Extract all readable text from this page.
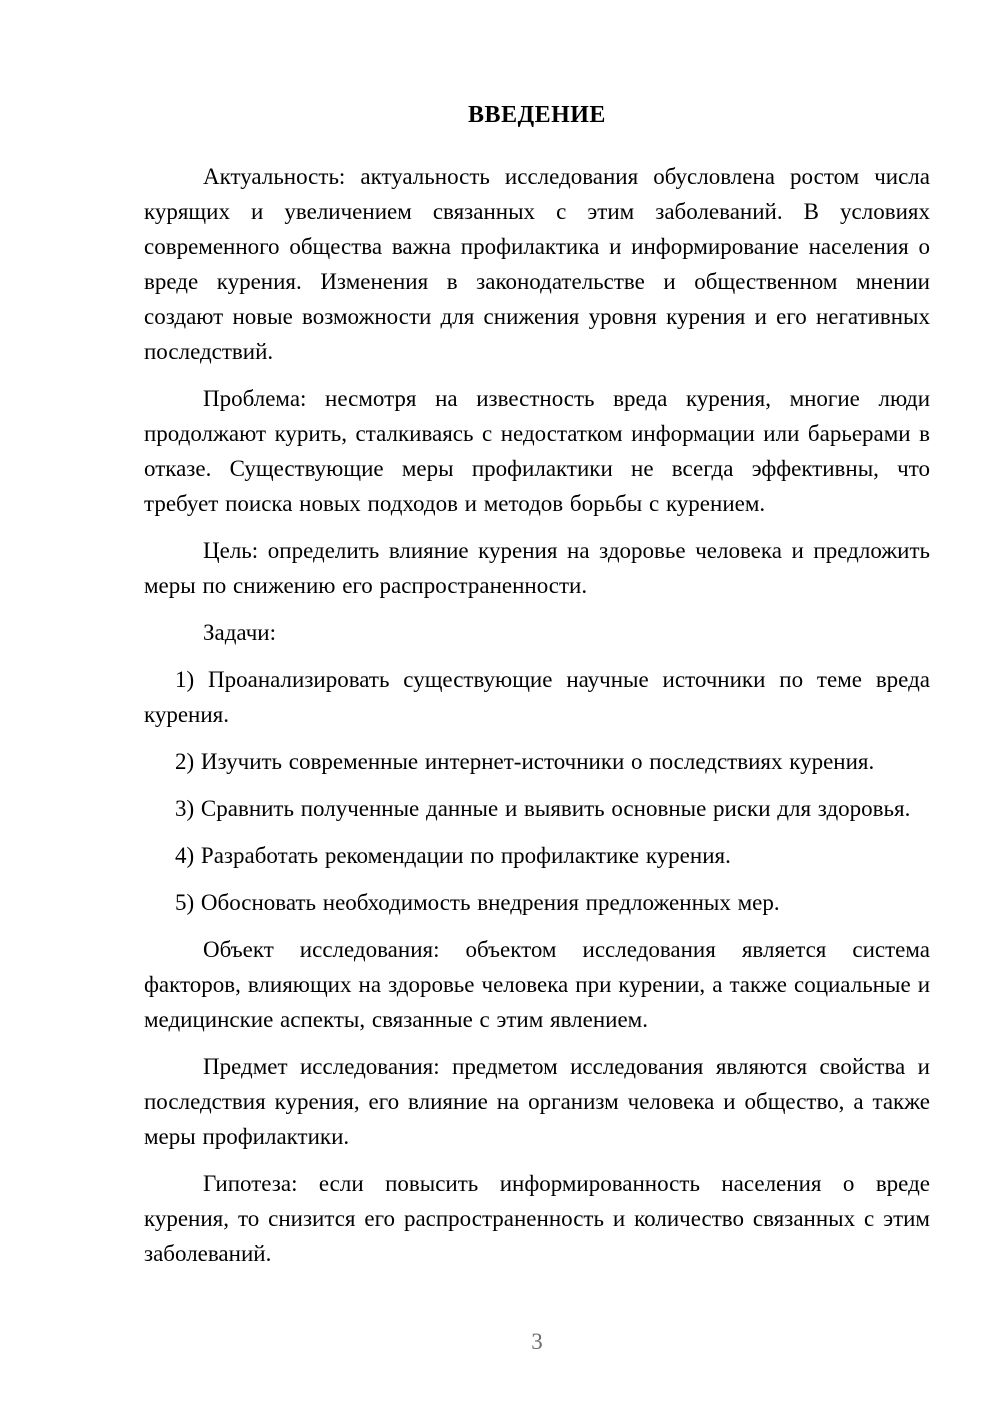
ВВЕДЕНИЕ

Актуальность: актуальность исследования обусловлена ростом числа курящих и увеличением связанных с этим заболеваний. В условиях современного общества важна профилактика и информирование населения о вреде курения. Изменения в законодательстве и общественном мнении создают новые возможности для снижения уровня курения и его негативных последствий.

Проблема: несмотря на известность вреда курения, многие люди продолжают курить, сталкиваясь с недостатком информации или барьерами в отказе. Существующие меры профилактики не всегда эффективны, что требует поиска новых подходов и методов борьбы с курением.

Цель: определить влияние курения на здоровье человека и предложить меры по снижению его распространенности.

Задачи:

1) Проанализировать существующие научные источники по теме вреда курения.

2) Изучить современные интернет-источники о последствиях курения.

3) Сравнить полученные данные и выявить основные риски для здоровья.

4) Разработать рекомендации по профилактике курения.

5) Обосновать необходимость внедрения предложенных мер.

Объект исследования: объектом исследования является система факторов, влияющих на здоровье человека при курении, а также социальные и медицинские аспекты, связанные с этим явлением.

Предмет исследования: предметом исследования являются свойства и последствия курения, его влияние на организм человека и общество, а также меры профилактики.

Гипотеза: если повысить информированность населения о вреде курения, то снизится его распространенность и количество связанных с этим заболеваний.

3
